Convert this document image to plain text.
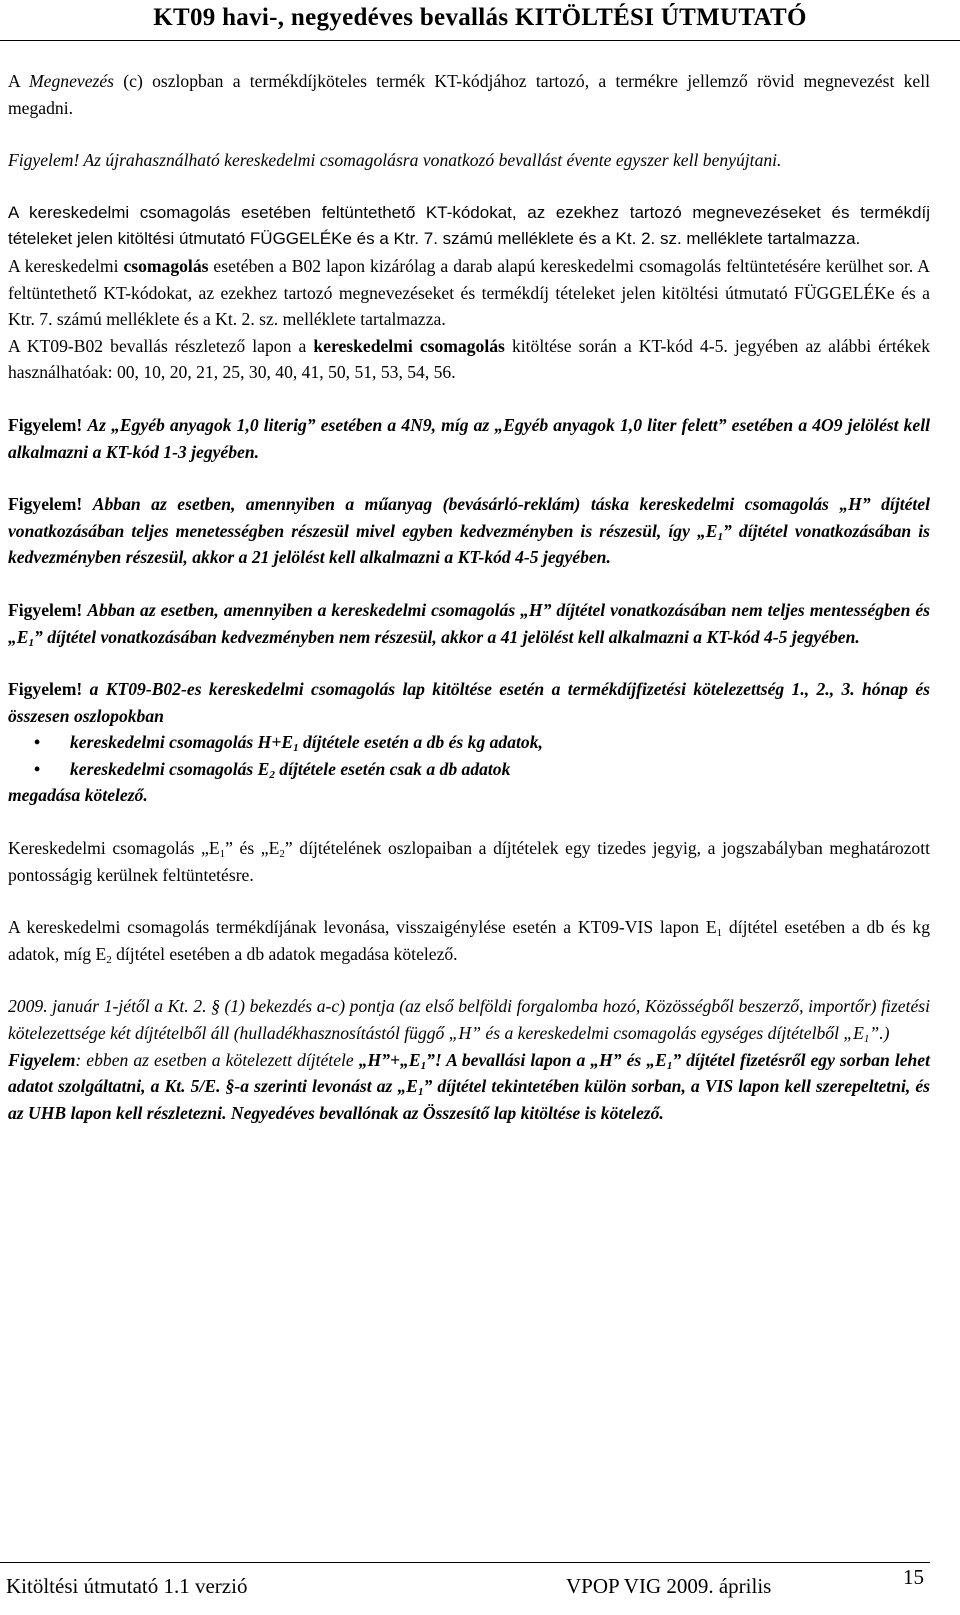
KT09 havi-, negyedéves bevallás KITÖLTÉSI ÚTMUTATÓ

A Megnevezés (c) oszlopban a termékdíjköteles termék KT-kódjához tartozó, a termékre jellemző rövid megnevezést kell megadni.

Figyelem! Az újrahasználható kereskedelmi csomagolásra vonatkozó bevallást évente egyszer kell benyújtani.

A kereskedelmi csomagolás esetében feltüntethető KT-kódokat, az ezekhez tartozó megnevezéseket és termékdíj tételeket jelen kitöltési útmutató FÜGGELÉKe és a Ktr. 7. számú melléklete és a Kt. 2. sz. melléklete tartalmazza.

A kereskedelmi csomagolás esetében a B02 lapon kizárólag a darab alapú kereskedelmi csomagolás feltüntetésére kerülhet sor. A feltüntethető KT-kódokat, az ezekhez tartozó megnevezéseket és termékdíj tételeket jelen kitöltési útmutató FÜGGELÉKe és a Ktr. 7. számú melléklete és a Kt. 2. sz. melléklete tartalmazza.

A KT09-B02 bevallás részletező lapon a kereskedelmi csomagolás kitöltése során a KT-kód 4-5. jegyében az alábbi értékek használhatóak: 00, 10, 20, 21, 25, 30, 40, 41, 50, 51, 53, 54, 56.

Figyelem! Az „Egyéb anyagok 1,0 literig” esetében a 4N9, míg az „Egyéb anyagok 1,0 liter felett” esetében a 4O9 jelölést kell alkalmazni a KT-kód 1-3 jegyében.

Figyelem! Abban az esetben, amennyiben a műanyag (bevásárló-reklám) táska kereskedelmi csomagolás „H” díjtétel vonatkozásában teljes menetességben részesül mivel egyben kedvezményben is részesül, így $„E_1$” díjtétel vonatkozásában is kedvezményben részesül, akkor a 21 jelölést kell alkalmazni a KT-kód 4-5 jegyében.

Figyelem! Abban az esetben, amennyiben a kereskedelmi csomagolás „H” díjtétel vonatkozásában nem teljes mentességben és $„E_1$” díjtétel vonatkozásában kedvezményben nem részesül, akkor a 41 jelölést kell alkalmazni a KT-kód 4-5 jegyében.

Figyelem! a KT09-B02-es kereskedelmi csomagolás lap kitöltése esetén a termékdíjfizetési kötelezettség 1., 2., 3. hónap és összesen oszlopokban

• kereskedelmi csomagolás $H+E_1$ díjtétele esetén a db és kg adatok,
• kereskedelmi csomagolás $E_2$ díjtétele esetén csak a db adatok

megadása kötelező.

Kereskedelmi csomagolás $„E_1$” és $„E_2$” díjtételének oszlopaiban a díjtételek egy tizedes jegyig, a jogszabályban meghatározott pontosságig kerülnek feltüntetésre.

A kereskedelmi csomagolás termékdíjának levonása, visszaigénylése esetén a KT09-VIS lapon $E_1$ díjtétel esetében a db és kg adatok, míg $E_2$ díjtétel esetében a db adatok megadása kötelező.

2009. január 1-jétől a Kt. 2. § (1) bekezdés a-c) pontja (az első belföldi forgalomba hozó, Közösségből beszerző, importőr) fizetési kötelezettsége két díjtételből áll (hulladékhasznosítástól függő „H” és a kereskedelmi csomagolás egységes díjtételből $„E_1$”.)
Figyelem: ebben az esetben a kötelezett díjtétele $„H”+„E_1$”! A bevallási lapon a „H” és $„E_1$” díjtétel fizetésről egy sorban lehet adatot szolgáltatni, a Kt. 5/E. §-a szerinti levonást az $„E_1$” díjtétel tekintetében külön sorban, a VIS lapon kell szerepeltetni, és az UHB lapon kell részletezni. Negyedéves bevallónak az Összesítő lap kitöltése is kötelező.

Kitöltési útmutató 1.1 verzió	VPOP VIG 2009. április	15
